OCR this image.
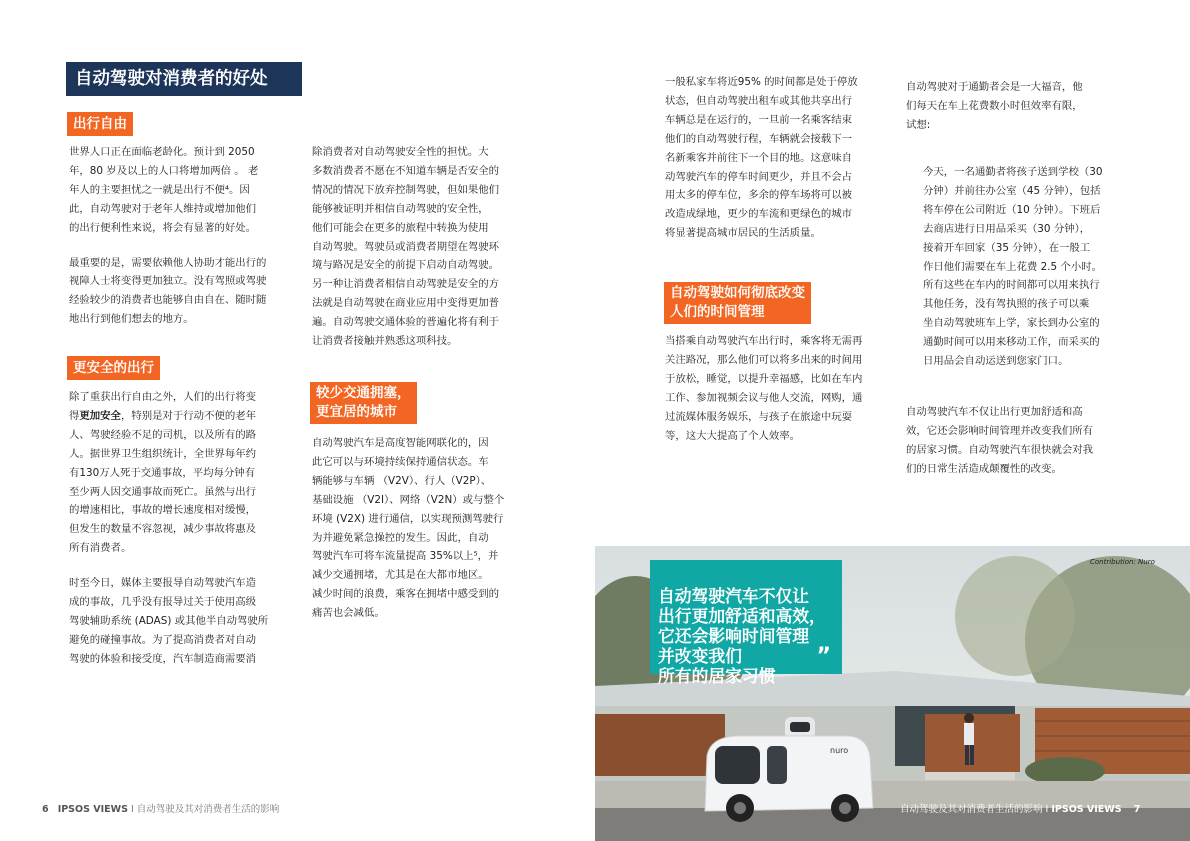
自动驾驶对消费者的好处
出行自由

世界人口正在面临老龄化。预计到 2050
年，80 岁及以上的人口将增加两倍 。 老
年人的主要担忧之一就是出行不便⁴。因
此，自动驾驶对于老年人维持或增加他们
的出行便利性来说，将会有显著的好处。

最重要的是，需要依赖他人协助才能出行的
视障人士将变得更加独立。没有驾照或驾驶
经验较少的消费者也能够自由自在、随时随
地出行到他们想去的地方。

更安全的出行

除了重获出行自由之外，人们的出行将变
得更加安全，特别是对于行动不便的老年
人、驾驶经验不足的司机，以及所有的路
人。据世界卫生组织统计，全世界每年约
有130万人死于交通事故，平均每分钟有
至少两人因交通事故而死亡。虽然与出行
的增速相比，事故的增长速度相对缓慢，
但发生的数量不容忽视，减少事故将惠及
所有消费者。

时至今日，媒体主要报导自动驾驶汽车造
成的事故，几乎没有报导过关于使用高级
驾驶辅助系统 (ADAS) 或其他半自动驾驶所
避免的碰撞事故。为了提高消费者对自动
驾驶的体验和接受度，汽车制造商需要消

除消费者对自动驾驶安全性的担忧。大
多数消费者不愿在不知道车辆是否安全的
情况的情况下放弃控制驾驶，但如果他们
能够被证明并相信自动驾驶的安全性，
他们可能会在更多的旅程中转换为使用
自动驾驶。驾驶员或消费者期望在驾驶环
境与路况是安全的前提下启动自动驾驶。
另一种让消费者相信自动驾驶是安全的方
法就是自动驾驶在商业应用中变得更加普
遍。自动驾驶交通体验的普遍化将有利于
让消费者接触并熟悉这项科技。

较少交通拥塞，
更宜居的城市

自动驾驶汽车是高度智能网联化的，因
此它可以与环境持续保持通信状态。车
辆能够与车辆 （V2V）、行人（V2P）、
基础设施 （V2I）、网络（V2N）或与整个
环境 (V2X) 进行通信，以实现预测驾驶行
为并避免紧急操控的发生。因此，自动
驾驶汽车可将车流量提高 35%以上⁵，并
减少交通拥堵，尤其是在大都市地区。
减少时间的浪费，乘客在拥堵中感受到的
痛苦也会减低。

6 IPSOS VIEWS I 自动驾驶及其对消费者生活的影响

一般私家车将近95% 的时间都是处于停放
状态，但自动驾驶出租车或其他共享出行
车辆总是在运行的，一旦前一名乘客结束
他们的自动驾驶行程，车辆就会接载下一
名新乘客并前往下一个目的地。这意味自
动驾驶汽车的停车时间更少，并且不会占
用太多的停车位，多余的停车场将可以被
改造成绿地，更少的车流和更绿色的城市
将显著提高城市居民的生活质量。

自动驾驶如何彻底改变
人们的时间管理

当搭乘自动驾驶汽车出行时，乘客将无需再
关注路况，那么他们可以将多出来的时间用
于放松，睡觉，以提升幸福感，比如在车内
工作、参加视频会议与他人交流，网购，通
过流媒体服务娱乐，与孩子在旅途中玩耍
等，这大大提高了个人效率。

自动驾驶对于通勤者会是一大福音，他
们每天在车上花费数小时但效率有限，
试想:

今天，一名通勤者将孩子送到学校（30
分钟）并前往办公室（45 分钟），包括
将车停在公司附近（10 分钟）。下班后
去商店进行日用品采买（30 分钟），
接着开车回家（35 分钟），在一般工
作日他们需要在车上花费 2.5 个小时。
所有这些在车内的时间都可以用来执行
其他任务，没有驾执照的孩子可以乘
坐自动驾驶班车上学，家长到办公室的
通勤时间可以用来移动工作，而采买的
日用品会自动运送到您家门口。

自动驾驶汽车不仅让出行更加舒适和高
效，它还会影响时间管理并改变我们所有
的居家习惯。自动驾驶汽车很快就会对我
们的日常生活造成颠覆性的改变。

nuro
Contribution: Nuro

自动驾驶汽车不仅让
出行更加舒适和高效，
它还会影响时间管理
并改变我们
所有的居家习惯

”

自动驾驶及其对消费者生活的影响 I IPSOS VIEWS 7
